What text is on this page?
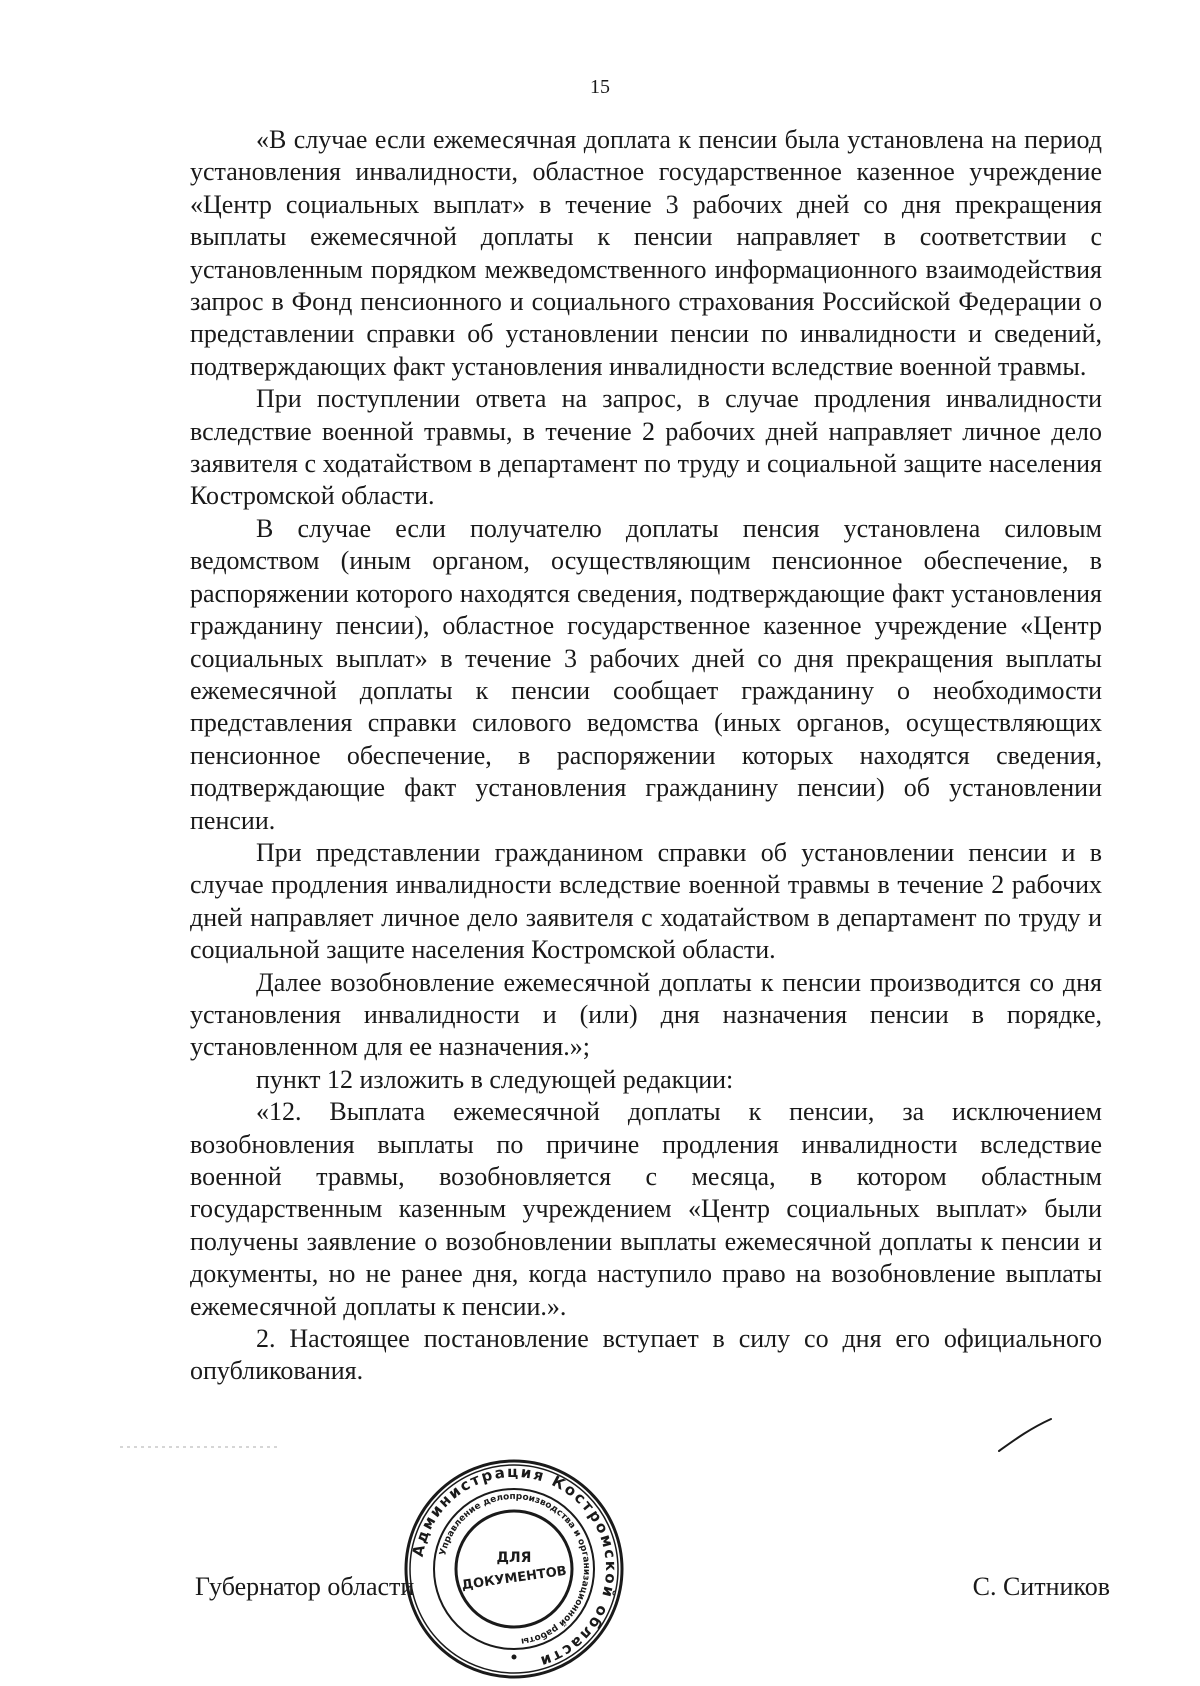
15

«В случае если ежемесячная доплата к пенсии была установлена на период установления инвалидности, областное государственное казенное учреждение «Центр социальных выплат» в течение 3 рабочих дней со дня прекращения выплаты ежемесячной доплаты к пенсии направляет в соответствии с установленным порядком межведомственного информационного взаимодействия запрос в Фонд пенсионного и социального страхования Российской Федерации о представлении справки об установлении пенсии по инвалидности и сведений, подтверждающих факт установления инвалидности вследствие военной травмы.

При поступлении ответа на запрос, в случае продления инвалидности вследствие военной травмы, в течение 2 рабочих дней направляет личное дело заявителя с ходатайством в департамент по труду и социальной защите населения Костромской области.

В случае если получателю доплаты пенсия установлена силовым ведомством (иным органом, осуществляющим пенсионное обеспечение, в распоряжении которого находятся сведения, подтверждающие факт установления гражданину пенсии), областное государственное казенное учреждение «Центр социальных выплат» в течение 3 рабочих дней со дня прекращения выплаты ежемесячной доплаты к пенсии сообщает гражданину о необходимости представления справки силового ведомства (иных органов, осуществляющих пенсионное обеспечение, в распоряжении которых находятся сведения, подтверждающие факт установления гражданину пенсии) об установлении пенсии.

При представлении гражданином справки об установлении пенсии и в случае продления инвалидности вследствие военной травмы в течение 2 рабочих дней направляет личное дело заявителя с ходатайством в департамент по труду и социальной защите населения Костромской области.

Далее возобновление ежемесячной доплаты к пенсии производится со дня установления инвалидности и (или) дня назначения пенсии в порядке, установленном для ее назначения.»;

пункт 12 изложить в следующей редакции:

«12. Выплата ежемесячной доплаты к пенсии, за исключением возобновления выплаты по причине продления инвалидности вследствие военной травмы, возобновляется с месяца, в котором областным государственным казенным учреждением «Центр социальных выплат» были получены заявление о возобновлении выплаты ежемесячной доплаты к пенсии и документы, но не ранее дня, когда наступило право на возобновление выплаты ежемесячной доплаты к пенсии.».

2. Настоящее постановление вступает в силу со дня его официального опубликования.

Губернатор области	С. Ситников
Администрация Костромской области
Управление делопроизводства и организационной работы
ДЛЯ
ДОКУМЕНТОВ
